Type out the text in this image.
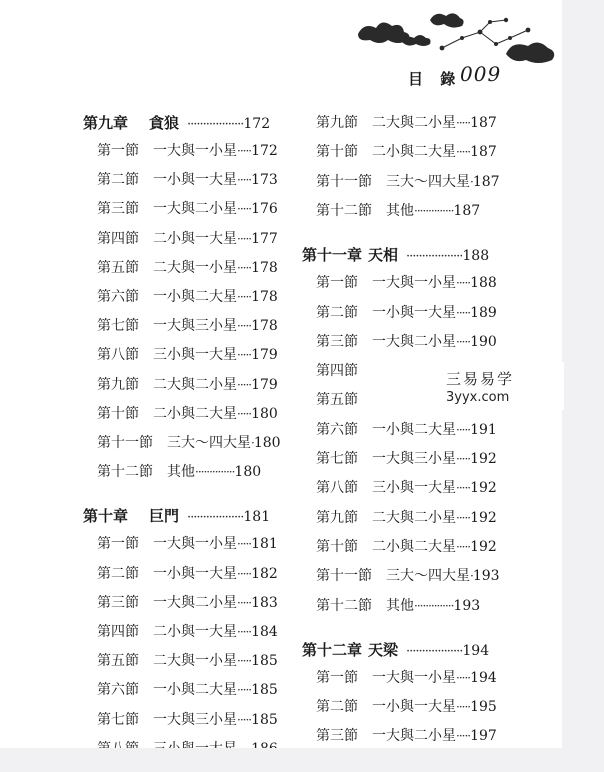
目 錄
009
第九章	貪狼 ·················· 172
第一節	一大與一小星 ····· 172
第二節	一小與一大星 ····· 173
第三節	一大與二小星 ····· 176
第四節	二小與一大星 ····· 177
第五節	二大與一小星 ····· 178
第六節	一小與二大星 ····· 178
第七節	一大與三小星 ····· 178
第八節	三小與一大星 ····· 179
第九節	二大與二小星 ····· 179
第十節	二小與二大星 ····· 180
第十一節	三大～四大星 · 180
第十二節	其他 ·············· 180
第十章	巨門 ·················· 181
第一節	一大與一小星 ····· 181
第二節	一小與一大星 ····· 182
第三節	一大與二小星 ····· 183
第四節	二小與一大星 ····· 184
第五節	二大與一小星 ····· 185
第六節	一小與二大星 ····· 185
第七節	一大與三小星 ····· 185
第九節	二大與二小星 ····· 187
第十節	二小與二大星 ····· 187
第十一節	三大～四大星 · 187
第十二節	其他 ·············· 187
第十一章 天相 ·················· 188
第一節	一大與一小星 ····· 188
第二節	一小與一大星 ····· 189
第三節	一大與二小星 ····· 190
第四節
第五節
第六節	一小與二大星 ····· 191
第七節	一大與三小星 ····· 192
第八節	三小與一大星 ····· 192
第九節	二大與二小星 ····· 192
第十節	二小與二大星 ····· 192
第十一節	三大～四大星 · 193
第十二節	其他 ·············· 193
第十二章 天梁 ·················· 194
第一節	一大與一小星 ····· 194
第二節	一小與一大星 ····· 195
第三節	一大與二小星 ····· 197
三易易学
3yyx.com
